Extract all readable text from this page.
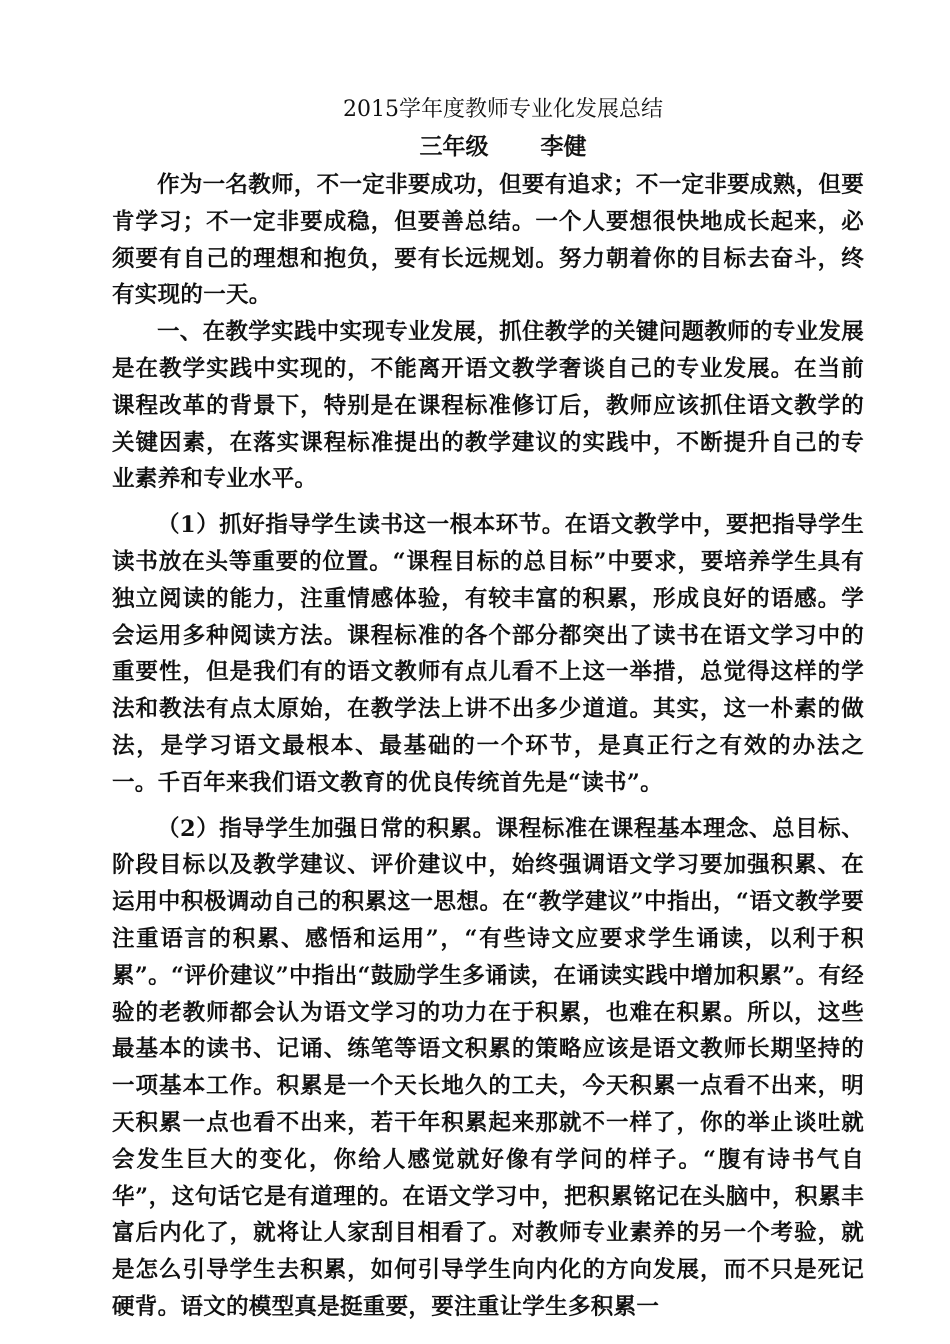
2015学年度教师专业化发展总结

三年级 李健

作为一名教师，不一定非要成功，但要有追求；不一定非要成熟，但要肯学习；不一定非要成稳，但要善总结。一个人要想很快地成长起来，必须要有自己的理想和抱负，要有长远规划。努力朝着你的目标去奋斗，终有实现的一天。

一、在教学实践中实现专业发展，抓住教学的关键问题教师的专业发展是在教学实践中实现的，不能离开语文教学奢谈自己的专业发展。在当前课程改革的背景下，特别是在课程标准修订后，教师应该抓住语文教学的关键因素，在落实课程标准提出的教学建议的实践中，不断提升自己的专业素养和专业水平。

（1）抓好指导学生读书这一根本环节。在语文教学中，要把指导学生读书放在头等重要的位置。“课程目标的总目标”中要求，要培养学生具有独立阅读的能力，注重情感体验，有较丰富的积累，形成良好的语感。学会运用多种阅读方法。课程标准的各个部分都突出了读书在语文学习中的重要性，但是我们有的语文教师有点儿看不上这一举措，总觉得这样的学法和教法有点太原始，在教学法上讲不出多少道道。其实，这一朴素的做法，是学习语文最根本、最基础的一个环节，是真正行之有效的办法之一。千百年来我们语文教育的优良传统首先是“读书”。

（2）指导学生加强日常的积累。课程标准在课程基本理念、总目标、阶段目标以及教学建议、评价建议中，始终强调语文学习要加强积累、在运用中积极调动自己的积累这一思想。在“教学建议”中指出，“语文教学要注重语言的积累、感悟和运用”，“有些诗文应要求学生诵读，以利于积累”。“评价建议”中指出“鼓励学生多诵读，在诵读实践中增加积累”。有经验的老教师都会认为语文学习的功力在于积累，也难在积累。所以，这些最基本的读书、记诵、练笔等语文积累的策略应该是语文教师长期坚持的一项基本工作。积累是一个天长地久的工夫，今天积累一点看不出来，明天积累一点也看不出来，若干年积累起来那就不一样了，你的举止谈吐就会发生巨大的变化，你给人感觉就好像有学问的样子。“腹有诗书气自华”，这句话它是有道理的。在语文学习中，把积累铭记在头脑中，积累丰富后内化了，就将让人家刮目相看了。对教师专业素养的另一个考验，就是怎么引导学生去积累，如何引导学生向内化的方向发展，而不只是死记硬背。语文的模型真是挺重要，要注重让学生多积累一
